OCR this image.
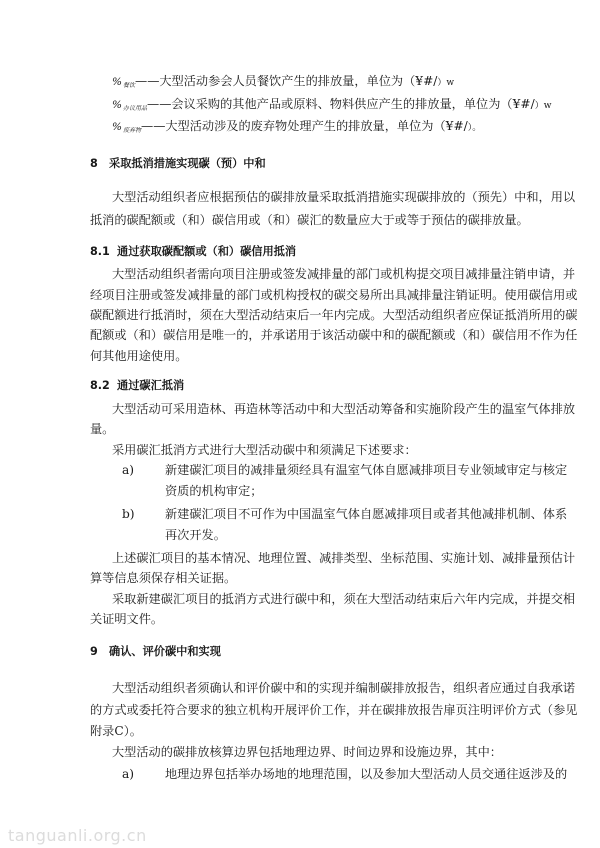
$\%_{餐饮}——$大型活动参会人员餐饮产生的排放量，单位为（¥#/）w
$\%_{办议用品}——$会议采购的其他产品或原料、物料供应产生的排放量，单位为（¥#/）w
$\%_{废弃物}——$大型活动涉及的废弃物处理产生的排放量，单位为（¥#/）。
8 采取抵消措施实现碳（预）中和
大型活动组织者应根据预估的碳排放量采取抵消措施实现碳排放的（预先）中和，用以
抵消的碳配额或（和）碳信用或（和）碳汇的数量应大于或等于预估的碳排放量。
8.1 通过获取碳配额或（和）碳信用抵消
大型活动组织者需向项目注册或签发减排量的部门或机构提交项目减排量注销申请，并
经项目注册或签发减排量的部门或机构授权的碳交易所出具减排量注销证明。使用碳信用或
碳配额进行抵消时，须在大型活动结束后一年内完成。大型活动组织者应保证抵消所用的碳
配额或（和）碳信用是唯一的，并承诺用于该活动碳中和的碳配额或（和）碳信用不作为任
何其他用途使用。
8.2 通过碳汇抵消
大型活动可采用造林、再造林等活动中和大型活动筹备和实施阶段产生的温室气体排放
量。
采用碳汇抵消方式进行大型活动碳中和须满足下述要求：
a)	新建碳汇项目的减排量须经具有温室气体自愿减排项目专业领域审定与核定
资质的机构审定；
b) 新建碳汇项目不可作为中国温室气体自愿减排项目或者其他减排机制、体系
再次开发。
上述碳汇项目的基本情况、地理位置、减排类型、坐标范围、实施计划、减排量预估计
算等信息须保存相关证据。
采取新建碳汇项目的抵消方式进行碳中和，须在大型活动结束后六年内完成，并提交相
关证明文件。
9 确认、评价碳中和实现
大型活动组织者须确认和评价碳中和的实现并编制碳排放报告，组织者应通过自我承诺
的方式或委托符合要求的独立机构开展评价工作，并在碳排放报告扉页注明评价方式（参见
附录C）。
大型活动的碳排放核算边界包括地理边界、时间边界和设施边界，其中：
a)	地理边界包括举办场地的地理范围，以及参加大型活动人员交通往返涉及的
tanguanli.org.cn
